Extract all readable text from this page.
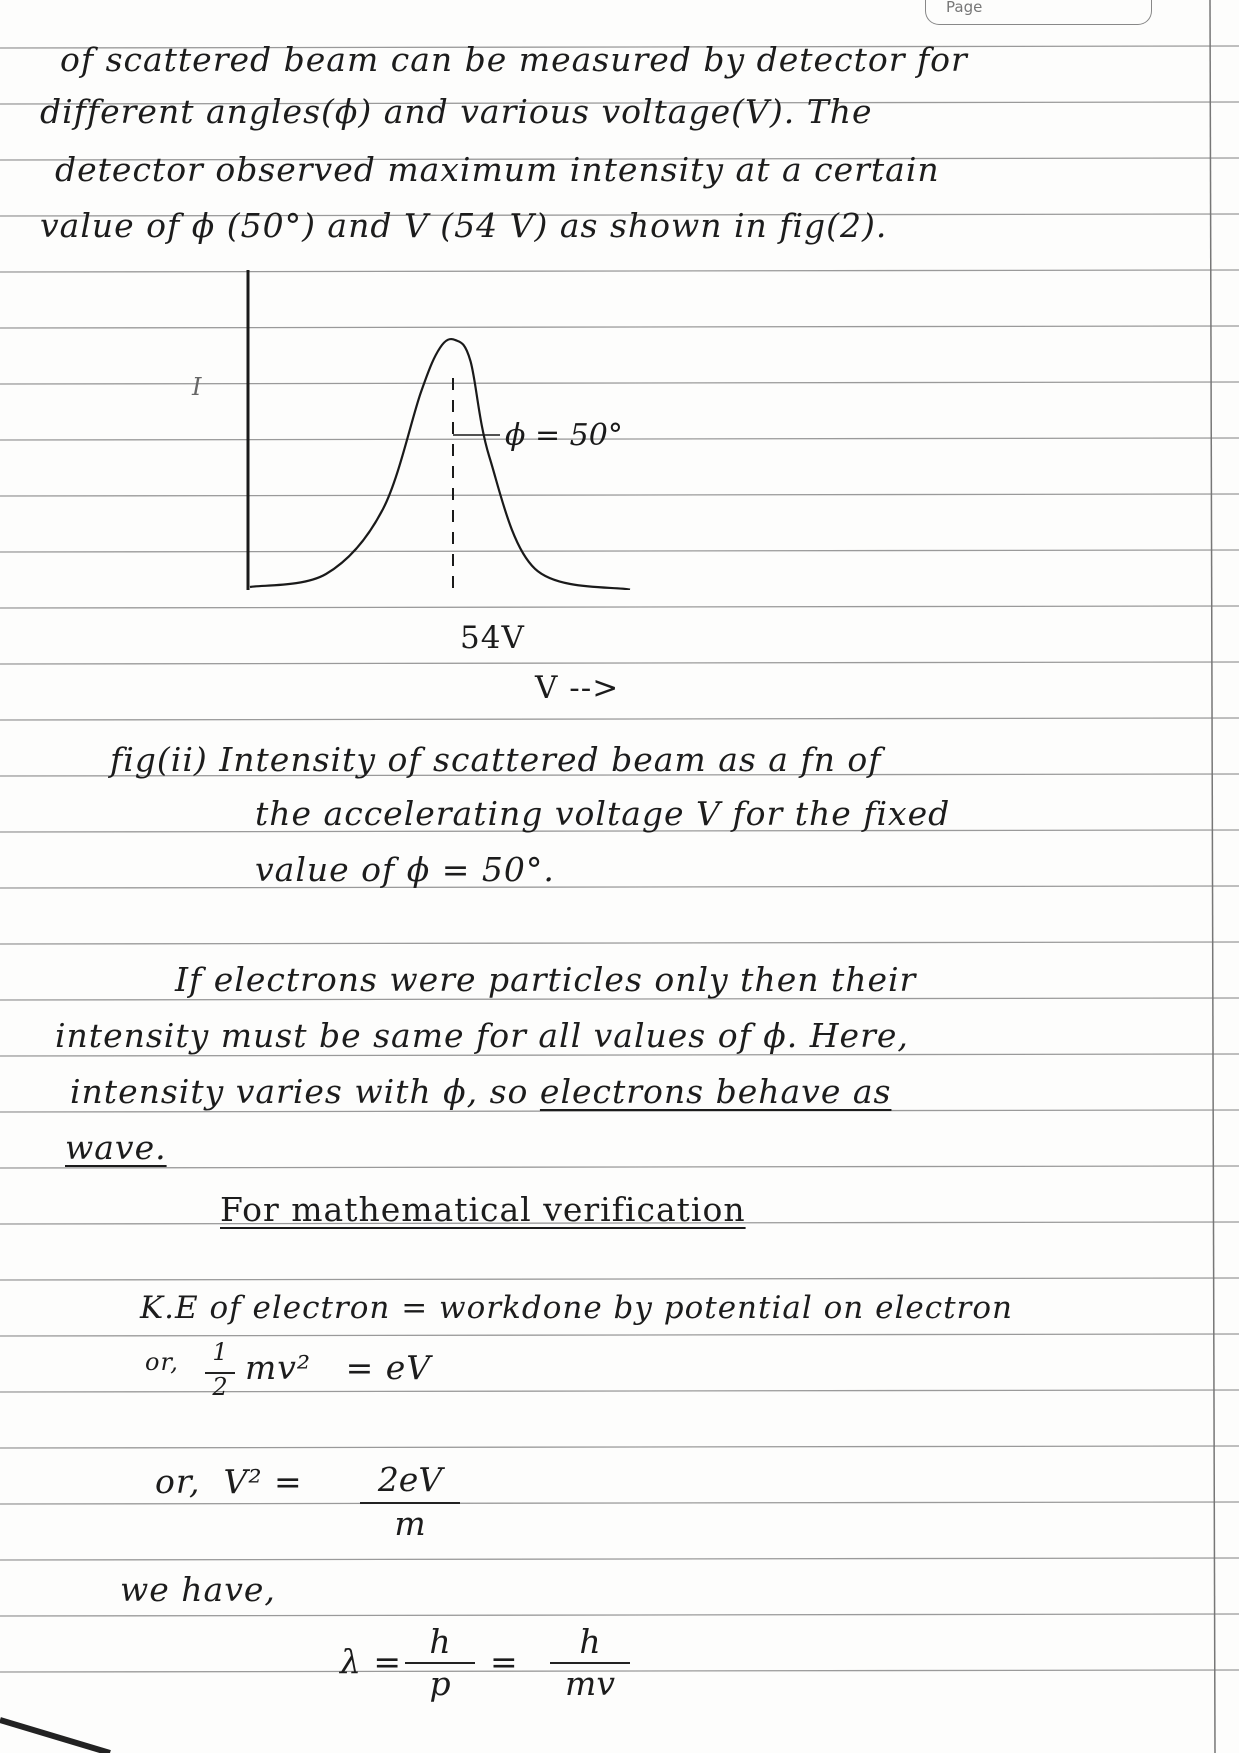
Page
of scattered beam can be measured by detector for
different angles(ϕ) and various voltage(V). The
detector observed maximum intensity at a certain
value of ϕ (50°) and V (54 V) as shown in fig(2).
ϕ = 50°
I
54V
V -->
fig(ii) Intensity of scattered beam as a fn of
the accelerating voltage V for the fixed
value of ϕ = 50°.
If electrons were particles only then their
intensity must be same for all values of ϕ. Here,
intensity varies with ϕ, so electrons behave as
wave.
For mathematical verification
K.E of electron = workdone by potential on electron
or,	1
2 mv²   = eV
or,  V² =	2eV
m
we have,
λ =
h
p
=
h
mv
